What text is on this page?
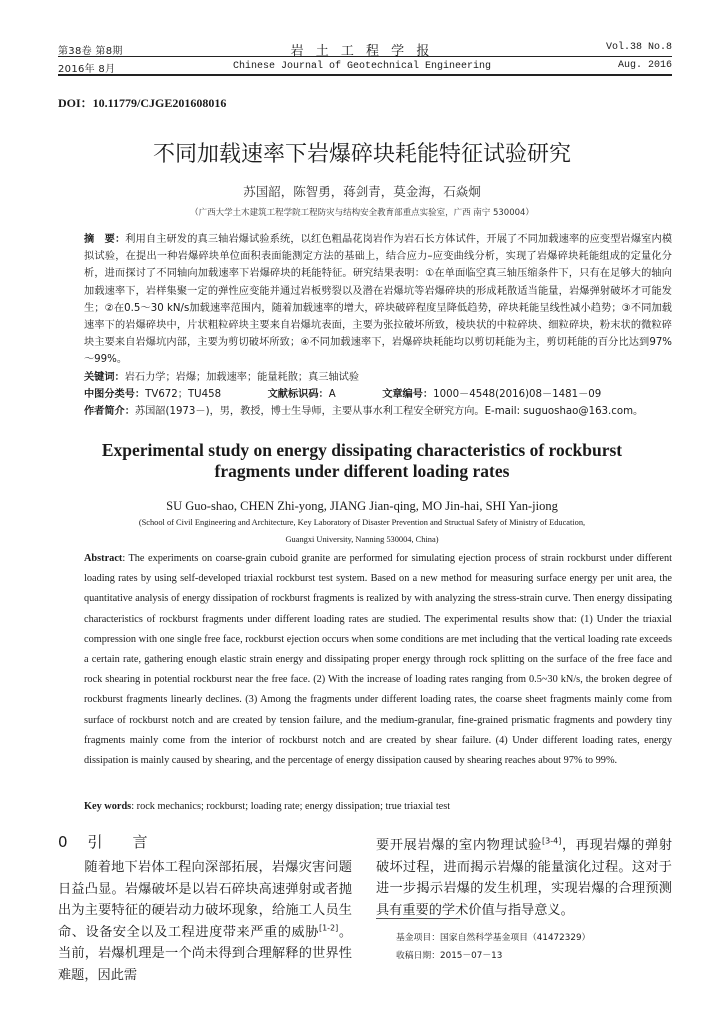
第38卷 第8期
2016年 8月
岩 土 工 程 学 报
Chinese Journal of Geotechnical Engineering
Vol.38 No.8
Aug. 2016
DOI：10.11779/CJGE201608016
不同加载速率下岩爆碎块耗能特征试验研究
苏国韶，陈智勇，蒋剑青，莫金海，石焱炯
（广西大学土木建筑工程学院工程防灾与结构安全教育部重点实验室，广西 南宁 530004）
摘　要：利用自主研发的真三轴岩爆试验系统，以红色粗晶花岗岩作为岩石长方体试件，开展了不同加载速率的应变型岩爆室内模拟试验，在提出一种岩爆碎块单位面积表面能测定方法的基础上，结合应力–应变曲线分析，实现了岩爆碎块耗能组成的定量化分析，进而探讨了不同轴向加载速率下岩爆碎块的耗能特征。研究结果表明：①在单面临空真三轴压缩条件下，只有在足够大的轴向加载速率下，岩样集聚一定的弹性应变能并通过岩板劈裂以及潜在岩爆坑等岩爆碎块的形成耗散适当能量，岩爆弹射破坏才可能发生；②在0.5～30 kN/s加载速率范围内，随着加载速率的增大，碎块破碎程度呈降低趋势，碎块耗能呈线性减小趋势；③不同加载速率下的岩爆碎块中，片状粗粒碎块主要来自岩爆坑表面，主要为张拉破坏所致，棱块状的中粒碎块、细粒碎块，粉末状的微粒碎块主要来自岩爆坑内部，主要为剪切破坏所致；④不同加载速率下，岩爆碎块耗能均以剪切耗能为主，剪切耗能的百分比达到97%～99%。
关键词：岩石力学；岩爆；加载速率；能量耗散；真三轴试验
中图分类号：TV672；TU458	文献标识码：A	文章编号：1000－4548(2016)08－1481－09
作者简介：苏国韶(1973－)，男，教授，博士生导师，主要从事水利工程安全研究方向。E-mail: suguoshao@163.com。
Experimental study on energy dissipating characteristics of rockburst
fragments under different loading rates
SU Guo-shao, CHEN Zhi-yong, JIANG Jian-qing, MO Jin-hai, SHI Yan-jiong
(School of Civil Engineering and Architecture, Key Laboratory of Disaster Prevention and Structual Safety of Ministry of Education,
Guangxi University, Nanning 530004, China)
Abstract: The experiments on coarse-grain cuboid granite are performed for simulating ejection process of strain rockburst under different loading rates by using self-developed triaxial rockburst test system. Based on a new method for measuring surface energy per unit area, the quantitative analysis of energy dissipation of rockburst fragments is realized by with analyzing the stress-strain curve. Then energy dissipating characteristics of rockburst fragments under different loading rates are studied. The experimental results show that: (1) Under the triaxial compression with one single free face, rockburst ejection occurs when some conditions are met including that the vertical loading rate exceeds a certain rate, gathering enough elastic strain energy and dissipating proper energy through rock splitting on the surface of the free face and rock shearing in potential rockburst near the free face. (2) With the increase of loading rates ranging from 0.5~30 kN/s, the broken degree of rockburst fragments linearly declines. (3) Among the fragments under different loading rates, the coarse sheet fragments mainly come from surface of rockburst notch and are created by tension failure, and the medium-granular, fine-grained prismatic fragments and powdery tiny fragments mainly come from the interior of rockburst notch and are created by shear failure. (4) Under different loading rates, energy dissipation is mainly caused by shearing, and the percentage of energy dissipation caused by shearing reaches about 97% to 99%.
Key words: rock mechanics; rockburst; loading rate; energy dissipation; true triaxial test
0 引　　言
随着地下岩体工程向深部拓展，岩爆灾害问题日益凸显。岩爆破坏是以岩石碎块高速弹射或者抛出为主要特征的硬岩动力破坏现象，给施工人员生命、设备安全以及工程进度带来严重的威胁[1-2]。当前，岩爆机理是一个尚未得到合理解释的世界性难题，因此需
要开展岩爆的室内物理试验[3-4]，再现岩爆的弹射破坏过程，进而揭示岩爆的能量演化过程。这对于进一步揭示岩爆的发生机理，实现岩爆的合理预测具有重要的学术价值与指导意义。
基金项目：国家自然科学基金项目（41472329）
收稿日期：2015－07－13
